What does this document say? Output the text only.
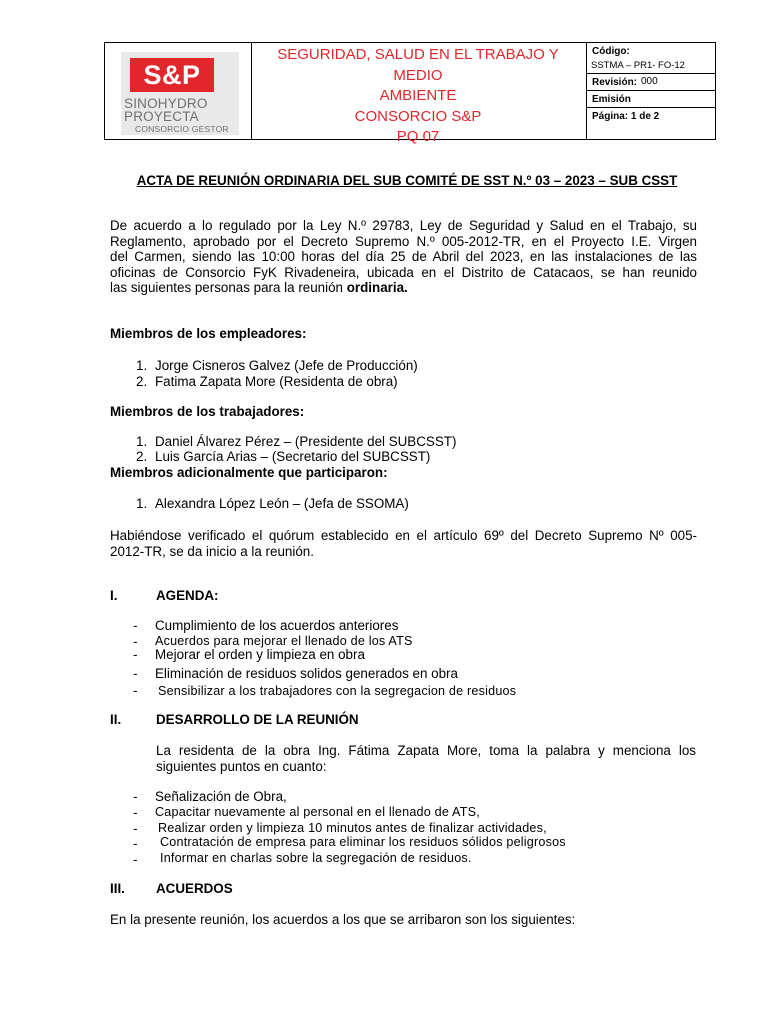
S&P
SINOHYDRO
PROYECTA
CONSORCIO GESTOR
SEGURIDAD, SALUD EN EL TRABAJO Y MEDIO
AMBIENTE
CONSORCIO S&P
PQ 07
Código:
SSTMA – PR1- FO-12
Revisión: 000
Emisión
Página: 1 de 2
ACTA DE REUNIÓN ORDINARIA DEL SUB COMITÉ DE SST N.º 03 – 2023 – SUB CSST
De acuerdo a lo regulado por la Ley N.º 29783, Ley de Seguridad y Salud en el Trabajo, su
Reglamento, aprobado por el Decreto Supremo N.º 005-2012-TR, en el Proyecto I.E. Virgen
del Carmen, siendo las 10:00 horas del día 25 de Abril del 2023, en las instalaciones de las
oficinas de Consorcio FyK Rivadeneira, ubicada en el Distrito de Catacaos, se han reunido
las siguientes personas para la reunión ordinaria.
Miembros de los empleadores:
1. Jorge Cisneros Galvez (Jefe de Producción)
2. Fatima Zapata More (Residenta de obra)
Miembros de los trabajadores:
1. Daniel Álvarez Pérez – (Presidente del SUBCSST)
2. Luis García Arias – (Secretario del SUBCSST)
Miembros adicionalmente que participaron:
1. Alexandra López León – (Jefa de SSOMA)
Habiéndose verificado el quórum establecido en el artículo 69º del Decreto Supremo Nº 005-
2012-TR, se da inicio a la reunión.
I.	AGENDA:
- Cumplimiento de los acuerdos anteriores
- Acuerdos para mejorar el llenado de los ATS
- Mejorar el orden y limpieza en obra
- Eliminación de residuos solidos generados en obra
- Sensibilizar a los trabajadores con la segregacion de residuos
II.	DESARROLLO DE LA REUNIÓN
La residenta de la obra Ing. Fátima Zapata More, toma la palabra y menciona los
siguientes puntos en cuanto:
- Señalización de Obra,
- Capacitar nuevamente al personal en el llenado de ATS,
- Realizar orden y limpieza 10 minutos antes de finalizar actividades,
- Contratación de empresa para eliminar los residuos sólidos peligrosos
- Informar en charlas sobre la segregación de residuos.
III. ACUERDOS
En la presente reunión, los acuerdos a los que se arribaron son los siguientes:
